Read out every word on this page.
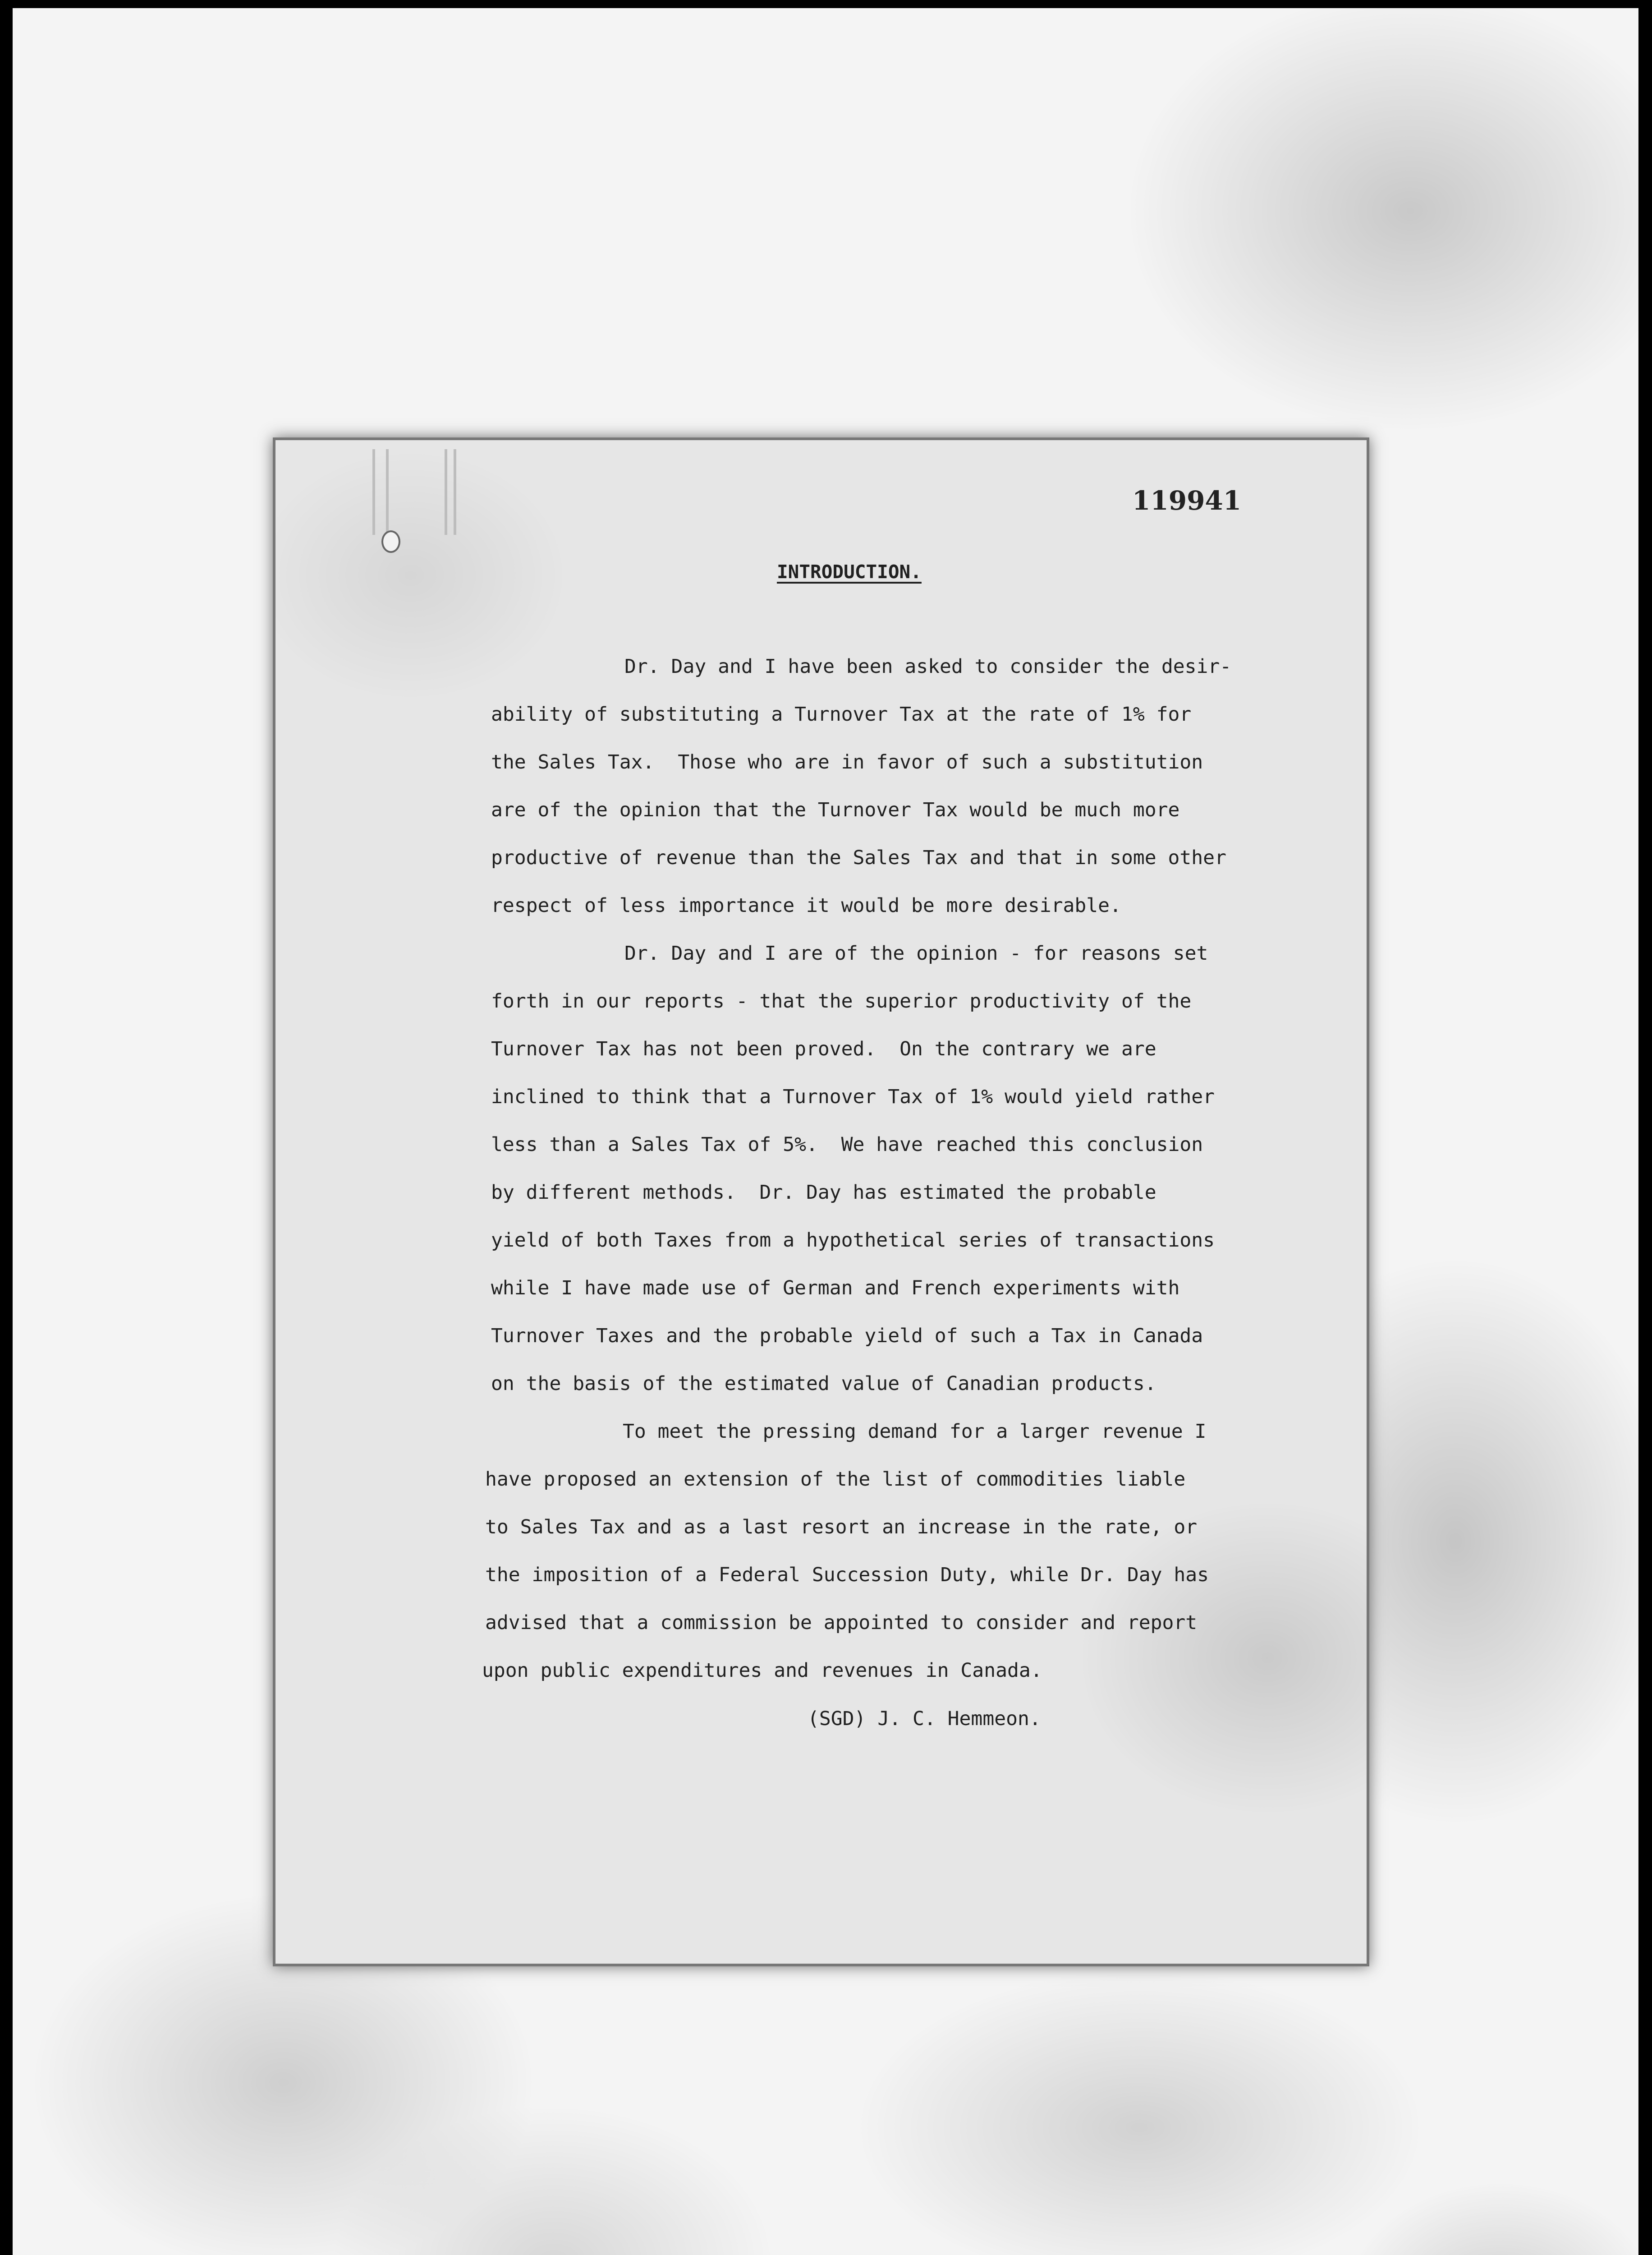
119941
INTRODUCTION.
Dr. Day and I have been asked to consider the desir-
ability of substituting a Turnover Tax at the rate of 1% for
the Sales Tax.  Those who are in favor of such a substitution
are of the opinion that the Turnover Tax would be much more
productive of revenue than the Sales Tax and that in some other
respect of less importance it would be more desirable.
Dr. Day and I are of the opinion - for reasons set
forth in our reports - that the superior productivity of the
Turnover Tax has not been proved.  On the contrary we are
inclined to think that a Turnover Tax of 1% would yield rather
less than a Sales Tax of 5%.  We have reached this conclusion
by different methods.  Dr. Day has estimated the probable
yield of both Taxes from a hypothetical series of transactions
while I have made use of German and French experiments with
Turnover Taxes and the probable yield of such a Tax in Canada
on the basis of the estimated value of Canadian products.
To meet the pressing demand for a larger revenue I
have proposed an extension of the list of commodities liable
to Sales Tax and as a last resort an increase in the rate, or
the imposition of a Federal Succession Duty, while Dr. Day has
advised that a commission be appointed to consider and report
upon public expenditures and revenues in Canada.
(SGD) J. C. Hemmeon.
